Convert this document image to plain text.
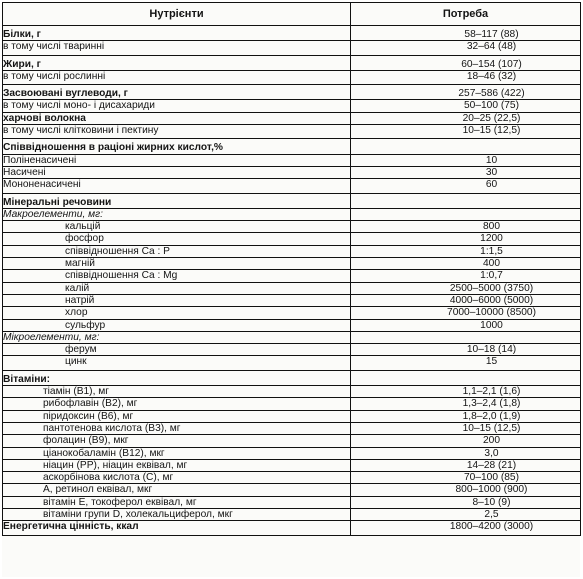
Нутрієнти	Потреба
Білки, г	58–117 (88)
в тому числі тваринні	32–64 (48)
Жири, г	60–154 (107)
в тому числі рослинні	18–46 (32)
Засвоювані вуглеводи, г	257–586 (422)
в тому числі моно- і дисахариди	50–100 (75)
харчові волокна	20–25 (22,5)
в тому числі клітковини і пектину	10–15 (12,5)
Співвідношення в раціоні жирних кислот,%	
Поліненасичені	10
Насичені	30
Мононенасичені	60
Мінеральні речовини	
Макроелементи, мг:	
кальцій	800
фосфор	1200
співвідношення Ca : P	1:1,5
магній	400
співвідношення Ca : Mg	1:0,7
калій	2500–5000 (3750)
натрій	4000–6000 (5000)
хлор	7000–10000 (8500)
сульфур	1000
Мікроелементи, мг:	
ферум	10–18 (14)
цинк	15
Вітаміни:	
тіамін (B1), мг	1,1–2,1 (1,6)
рибофлавін (B2), мг	1,3–2,4 (1,8)
піридоксин (B6), мг	1,8–2,0 (1,9)
пантотенова кислота (B3), мг	10–15 (12,5)
фолацин (B9), мкг	200
ціанокобаламін (B12), мкг	3,0
ніацин (PP), ніацин еквівал, мг	14–28 (21)
аскорбінова кислота (C), мг	70–100 (85)
A, ретинол еквівал, мкг	800–1000 (900)
вітамін E, токоферол еквівал, мг	8–10 (9)
вітаміни групи D, холекальциферол, мкг	2,5
Енергетична цінність, ккал	1800–4200 (3000)
